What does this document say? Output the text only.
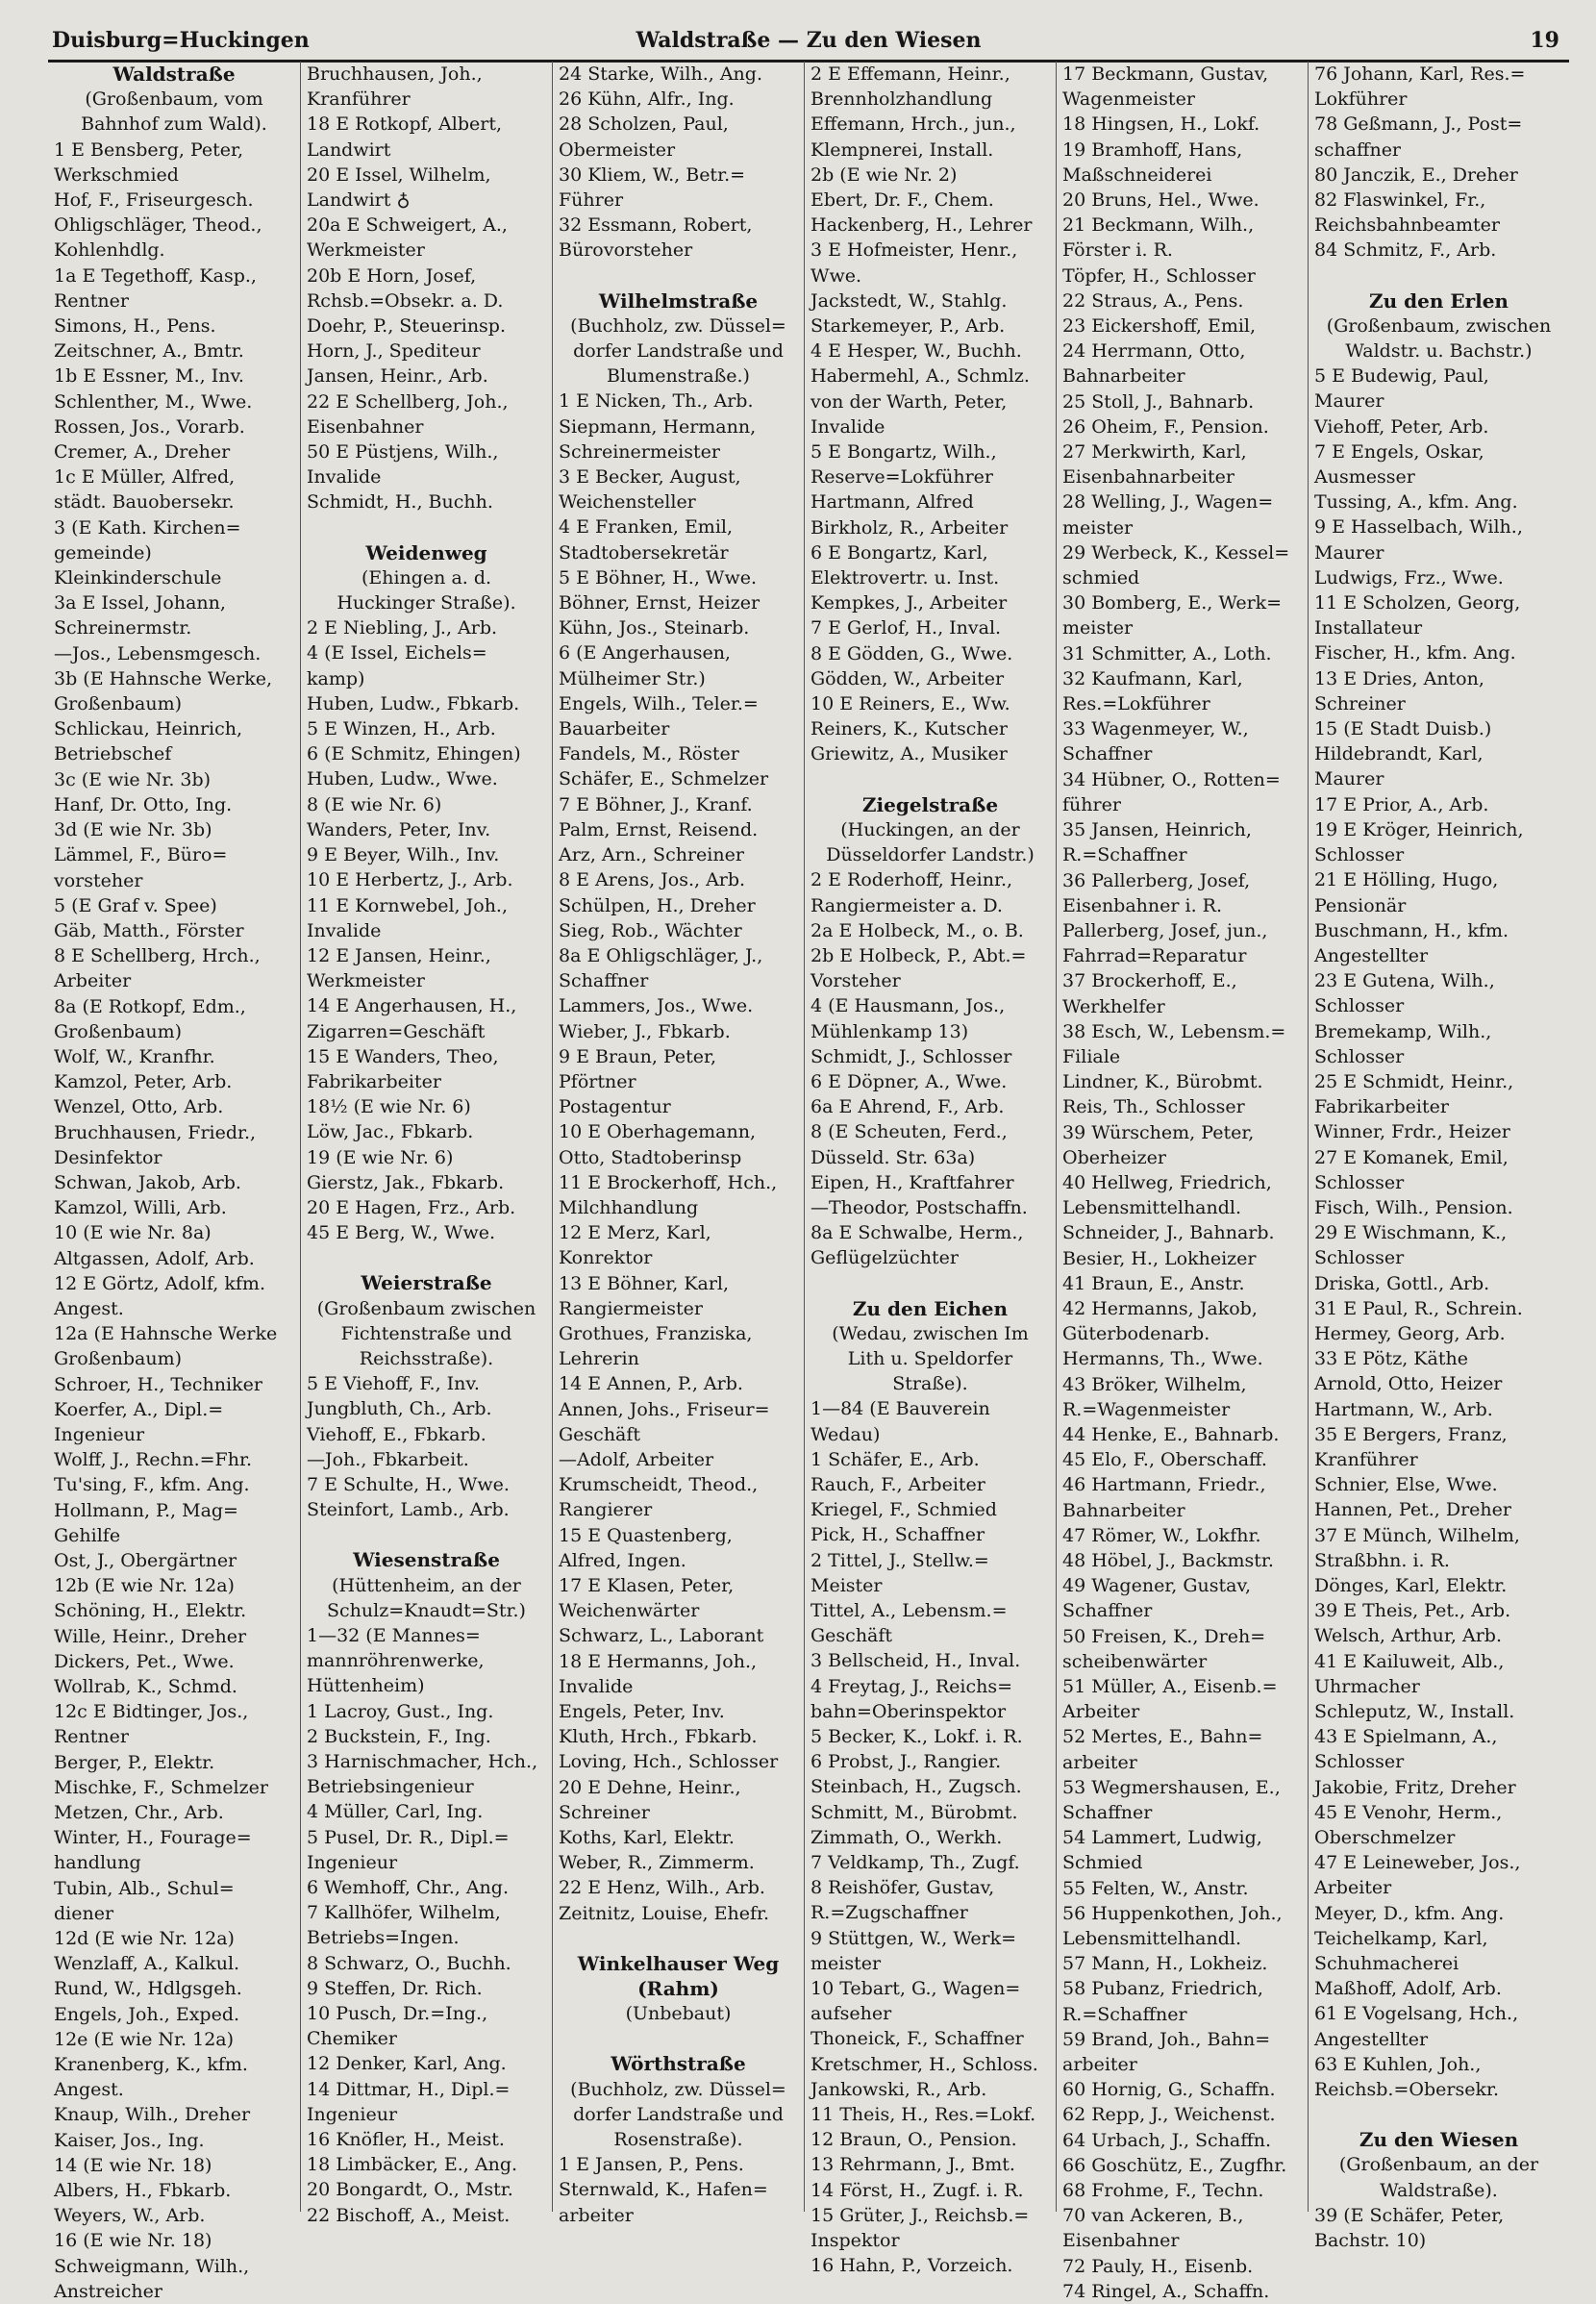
Duisburg=Huckingen	Waldstraße — Zu den Wiesen	19
Waldstraße
(Großenbaum, vom
Bahnhof zum Wald).
1 E Bensberg, Peter,
Werkschmied
Hof, F., Friseurgesch.
Ohligschläger, Theod.,
Kohlenhdlg.
1a E Tegethoff, Kasp.,
Rentner
Simons, H., Pens.
Zeitschner, A., Bmtr.
1b E Essner, M., Inv.
Schlenther, M., Wwe.
Rossen, Jos., Vorarb.
Cremer, A., Dreher
1c E Müller, Alfred,
städt. Bauobersekr.
3 (E Kath. Kirchen=
gemeinde)
Kleinkinderschule
3a E Issel, Johann,
Schreinermstr.
—Jos., Lebensmgesch.
3b (E Hahnsche Werke,
Großenbaum)
Schlickau, Heinrich,
Betriebschef
3c (E wie Nr. 3b)
Hanf, Dr. Otto, Ing.
3d (E wie Nr. 3b)
Lämmel, F., Büro=
vorsteher
5 (E Graf v. Spee)
Gäb, Matth., Förster
8 E Schellberg, Hrch.,
Arbeiter
8a (E Rotkopf, Edm.,
Großenbaum)
Wolf, W., Kranfhr.
Kamzol, Peter, Arb.
Wenzel, Otto, Arb.
Bruchhausen, Friedr.,
Desinfektor
Schwan, Jakob, Arb.
Kamzol, Willi, Arb.
10 (E wie Nr. 8a)
Altgassen, Adolf, Arb.
12 E Görtz, Adolf, kfm.
Angest.
12a (E Hahnsche Werke
Großenbaum)
Schroer, H., Techniker
Koerfer, A., Dipl.=
Ingenieur
Wolff, J., Rechn.=Fhr.
Tu'sing, F., kfm. Ang.
Hollmann, P., Mag=
Gehilfe
Ost, J., Obergärtner
12b (E wie Nr. 12a)
Schöning, H., Elektr.
Wille, Heinr., Dreher
Dickers, Pet., Wwe.
Wollrab, K., Schmd.
12c E Bidtinger, Jos.,
Rentner
Berger, P., Elektr.
Mischke, F., Schmelzer
Metzen, Chr., Arb.
Winter, H., Fourage=
handlung
Tubin, Alb., Schul=
diener
12d (E wie Nr. 12a)
Wenzlaff, A., Kalkul.
Rund, W., Hdlgsgeh.
Engels, Joh., Exped.
12e (E wie Nr. 12a)
Kranenberg, K., kfm.
Angest.
Knaup, Wilh., Dreher
Kaiser, Jos., Ing.
14 (E wie Nr. 18)
Albers, H., Fbkarb.
Weyers, W., Arb.
16 (E wie Nr. 18)
Schweigmann, Wilh.,
Anstreicher
Bruchhausen, Joh.,
Kranführer
18 E Rotkopf, Albert,
Landwirt
20 E Issel, Wilhelm,
Landwirt ♁
20a E Schweigert, A.,
Werkmeister
20b E Horn, Josef,
Rchsb.=Obsekr. a. D.
Doehr, P., Steuerinsp.
Horn, J., Spediteur
Jansen, Heinr., Arb.
22 E Schellberg, Joh.,
Eisenbahner
50 E Püstjens, Wilh.,
Invalide
Schmidt, H., Buchh.
Weidenweg
(Ehingen a. d.
Huckinger Straße).
2 E Niebling, J., Arb.
4 (E Issel, Eichels=
kamp)
Huben, Ludw., Fbkarb.
5 E Winzen, H., Arb.
6 (E Schmitz, Ehingen)
Huben, Ludw., Wwe.
8 (E wie Nr. 6)
Wanders, Peter, Inv.
9 E Beyer, Wilh., Inv.
10 E Herbertz, J., Arb.
11 E Kornwebel, Joh.,
Invalide
12 E Jansen, Heinr.,
Werkmeister
14 E Angerhausen, H.,
Zigarren=Geschäft
15 E Wanders, Theo,
Fabrikarbeiter
18½ (E wie Nr. 6)
Löw, Jac., Fbkarb.
19 (E wie Nr. 6)
Gierstz, Jak., Fbkarb.
20 E Hagen, Frz., Arb.
45 E Berg, W., Wwe.
Weierstraße
(Großenbaum zwischen
Fichtenstraße und
Reichsstraße).
5 E Viehoff, F., Inv.
Jungbluth, Ch., Arb.
Viehoff, E., Fbkarb.
—Joh., Fbkarbeit.
7 E Schulte, H., Wwe.
Steinfort, Lamb., Arb.
Wiesenstraße
(Hüttenheim, an der
Schulz=Knaudt=Str.)
1—32 (E Mannes=
mannröhrenwerke,
Hüttenheim)
1 Lacroy, Gust., Ing.
2 Buckstein, F., Ing.
3 Harnischmacher, Hch.,
Betriebsingenieur
4 Müller, Carl, Ing.
5 Pusel, Dr. R., Dipl.=
Ingenieur
6 Wemhoff, Chr., Ang.
7 Kallhöfer, Wilhelm,
Betriebs=Ingen.
8 Schwarz, O., Buchh.
9 Steffen, Dr. Rich.
10 Pusch, Dr.=Ing.,
Chemiker
12 Denker, Karl, Ang.
14 Dittmar, H., Dipl.=
Ingenieur
16 Knöfler, H., Meist.
18 Limbäcker, E., Ang.
20 Bongardt, O., Mstr.
22 Bischoff, A., Meist.
24 Starke, Wilh., Ang.
26 Kühn, Alfr., Ing.
28 Scholzen, Paul,
Obermeister
30 Kliem, W., Betr.=
Führer
32 Essmann, Robert,
Bürovorsteher
Wilhelmstraße
(Buchholz, zw. Düssel=
dorfer Landstraße und
Blumenstraße.)
1 E Nicken, Th., Arb.
Siepmann, Hermann,
Schreinermeister
3 E Becker, August,
Weichensteller
4 E Franken, Emil,
Stadtobersekretär
5 E Böhner, H., Wwe.
Böhner, Ernst, Heizer
Kühn, Jos., Steinarb.
6 (E Angerhausen,
Mülheimer Str.)
Engels, Wilh., Teler.=
Bauarbeiter
Fandels, M., Röster
Schäfer, E., Schmelzer
7 E Böhner, J., Kranf.
Palm, Ernst, Reisend.
Arz, Arn., Schreiner
8 E Arens, Jos., Arb.
Schülpen, H., Dreher
Sieg, Rob., Wächter
8a E Ohligschläger, J.,
Schaffner
Lammers, Jos., Wwe.
Wieber, J., Fbkarb.
9 E Braun, Peter,
Pförtner
Postagentur
10 E Oberhagemann,
Otto, Stadtoberinsp
11 E Brockerhoff, Hch.,
Milchhandlung
12 E Merz, Karl,
Konrektor
13 E Böhner, Karl,
Rangiermeister
Grothues, Franziska,
Lehrerin
14 E Annen, P., Arb.
Annen, Johs., Friseur=
Geschäft
—Adolf, Arbeiter
Krumscheidt, Theod.,
Rangierer
15 E Quastenberg,
Alfred, Ingen.
17 E Klasen, Peter,
Weichenwärter
Schwarz, L., Laborant
18 E Hermanns, Joh.,
Invalide
Engels, Peter, Inv.
Kluth, Hrch., Fbkarb.
Loving, Hch., Schlosser
20 E Dehne, Heinr.,
Schreiner
Koths, Karl, Elektr.
Weber, R., Zimmerm.
22 E Henz, Wilh., Arb.
Zeitnitz, Louise, Ehefr.
Winkelhauser Weg
(Rahm)
(Unbebaut)
Wörthstraße
(Buchholz, zw. Düssel=
dorfer Landstraße und
Rosenstraße).
1 E Jansen, P., Pens.
Sternwald, K., Hafen=
arbeiter
2 E Effemann, Heinr.,
Brennholzhandlung
Effemann, Hrch., jun.,
Klempnerei, Install.
2b (E wie Nr. 2)
Ebert, Dr. F., Chem.
Hackenberg, H., Lehrer
3 E Hofmeister, Henr.,
Wwe.
Jackstedt, W., Stahlg.
Starkemeyer, P., Arb.
4 E Hesper, W., Buchh.
Habermehl, A., Schmlz.
von der Warth, Peter,
Invalide
5 E Bongartz, Wilh.,
Reserve=Lokführer
Hartmann, Alfred
Birkholz, R., Arbeiter
6 E Bongartz, Karl,
Elektrovertr. u. Inst.
Kempkes, J., Arbeiter
7 E Gerlof, H., Inval.
8 E Gödden, G., Wwe.
Gödden, W., Arbeiter
10 E Reiners, E., Ww.
Reiners, K., Kutscher
Griewitz, A., Musiker
Ziegelstraße
(Huckingen, an der
Düsseldorfer Landstr.)
2 E Roderhoff, Heinr.,
Rangiermeister a. D.
2a E Holbeck, M., o. B.
2b E Holbeck, P., Abt.=
Vorsteher
4 (E Hausmann, Jos.,
Mühlenkamp 13)
Schmidt, J., Schlosser
6 E Döpner, A., Wwe.
6a E Ahrend, F., Arb.
8 (E Scheuten, Ferd.,
Düsseld. Str. 63a)
Eipen, H., Kraftfahrer
—Theodor, Postschaffn.
8a E Schwalbe, Herm.,
Geflügelzüchter
Zu den Eichen
(Wedau, zwischen Im
Lith u. Speldorfer
Straße).
1—84 (E Bauverein
Wedau)
1 Schäfer, E., Arb.
Rauch, F., Arbeiter
Kriegel, F., Schmied
Pick, H., Schaffner
2 Tittel, J., Stellw.=
Meister
Tittel, A., Lebensm.=
Geschäft
3 Bellscheid, H., Inval.
4 Freytag, J., Reichs=
bahn=Oberinspektor
5 Becker, K., Lokf. i. R.
6 Probst, J., Rangier.
Steinbach, H., Zugsch.
Schmitt, M., Bürobmt.
Zimmath, O., Werkh.
7 Veldkamp, Th., Zugf.
8 Reishöfer, Gustav,
R.=Zugschaffner
9 Stüttgen, W., Werk=
meister
10 Tebart, G., Wagen=
aufseher
Thoneick, F., Schaffner
Kretschmer, H., Schloss.
Jankowski, R., Arb.
11 Theis, H., Res.=Lokf.
12 Braun, O., Pension.
13 Rehrmann, J., Bmt.
14 Först, H., Zugf. i. R.
15 Grüter, J., Reichsb.=
Inspektor
16 Hahn, P., Vorzeich.
17 Beckmann, Gustav,
Wagenmeister
18 Hingsen, H., Lokf.
19 Bramhoff, Hans,
Maßschneiderei
20 Bruns, Hel., Wwe.
21 Beckmann, Wilh.,
Förster i. R.
Töpfer, H., Schlosser
22 Straus, A., Pens.
23 Eickershoff, Emil,
24 Herrmann, Otto,
Bahnarbeiter
25 Stoll, J., Bahnarb.
26 Oheim, F., Pension.
27 Merkwirth, Karl,
Eisenbahnarbeiter
28 Welling, J., Wagen=
meister
29 Werbeck, K., Kessel=
schmied
30 Bomberg, E., Werk=
meister
31 Schmitter, A., Loth.
32 Kaufmann, Karl,
Res.=Lokführer
33 Wagenmeyer, W.,
Schaffner
34 Hübner, O., Rotten=
führer
35 Jansen, Heinrich,
R.=Schaffner
36 Pallerberg, Josef,
Eisenbahner i. R.
Pallerberg, Josef, jun.,
Fahrrad=Reparatur
37 Brockerhoff, E.,
Werkhelfer
38 Esch, W., Lebensm.=
Filiale
Lindner, K., Bürobmt.
Reis, Th., Schlosser
39 Würschem, Peter,
Oberheizer
40 Hellweg, Friedrich,
Lebensmittelhandl.
Schneider, J., Bahnarb.
Besier, H., Lokheizer
41 Braun, E., Anstr.
42 Hermanns, Jakob,
Güterbodenarb.
Hermanns, Th., Wwe.
43 Bröker, Wilhelm,
R.=Wagenmeister
44 Henke, E., Bahnarb.
45 Elo, F., Oberschaff.
46 Hartmann, Friedr.,
Bahnarbeiter
47 Römer, W., Lokfhr.
48 Höbel, J., Backmstr.
49 Wagener, Gustav,
Schaffner
50 Freisen, K., Dreh=
scheibenwärter
51 Müller, A., Eisenb.=
Arbeiter
52 Mertes, E., Bahn=
arbeiter
53 Wegmershausen, E.,
Schaffner
54 Lammert, Ludwig,
Schmied
55 Felten, W., Anstr.
56 Huppenkothen, Joh.,
Lebensmittelhandl.
57 Mann, H., Lokheiz.
58 Pubanz, Friedrich,
R.=Schaffner
59 Brand, Joh., Bahn=
arbeiter
60 Hornig, G., Schaffn.
62 Repp, J., Weichenst.
64 Urbach, J., Schaffn.
66 Goschütz, E., Zugfhr.
68 Frohme, F., Techn.
70 van Ackeren, B.,
Eisenbahner
72 Pauly, H., Eisenb.
74 Ringel, A., Schaffn.
76 Johann, Karl, Res.=
Lokführer
78 Geßmann, J., Post=
schaffner
80 Janczik, E., Dreher
82 Flaswinkel, Fr.,
Reichsbahnbeamter
84 Schmitz, F., Arb.
Zu den Erlen
(Großenbaum, zwischen
Waldstr. u. Bachstr.)
5 E Budewig, Paul,
Maurer
Viehoff, Peter, Arb.
7 E Engels, Oskar,
Ausmesser
Tussing, A., kfm. Ang.
9 E Hasselbach, Wilh.,
Maurer
Ludwigs, Frz., Wwe.
11 E Scholzen, Georg,
Installateur
Fischer, H., kfm. Ang.
13 E Dries, Anton,
Schreiner
15 (E Stadt Duisb.)
Hildebrandt, Karl,
Maurer
17 E Prior, A., Arb.
19 E Kröger, Heinrich,
Schlosser
21 E Hölling, Hugo,
Pensionär
Buschmann, H., kfm.
Angestellter
23 E Gutena, Wilh.,
Schlosser
Bremekamp, Wilh.,
Schlosser
25 E Schmidt, Heinr.,
Fabrikarbeiter
Winner, Frdr., Heizer
27 E Komanek, Emil,
Schlosser
Fisch, Wilh., Pension.
29 E Wischmann, K.,
Schlosser
Driska, Gottl., Arb.
31 E Paul, R., Schrein.
Hermey, Georg, Arb.
33 E Pötz, Käthe
Arnold, Otto, Heizer
Hartmann, W., Arb.
35 E Bergers, Franz,
Kranführer
Schnier, Else, Wwe.
Hannen, Pet., Dreher
37 E Münch, Wilhelm,
Straßbhn. i. R.
Dönges, Karl, Elektr.
39 E Theis, Pet., Arb.
Welsch, Arthur, Arb.
41 E Kailuweit, Alb.,
Uhrmacher
Schleputz, W., Install.
43 E Spielmann, A.,
Schlosser
Jakobie, Fritz, Dreher
45 E Venohr, Herm.,
Oberschmelzer
47 E Leineweber, Jos.,
Arbeiter
Meyer, D., kfm. Ang.
Teichelkamp, Karl,
Schuhmacherei
Maßhoff, Adolf, Arb.
61 E Vogelsang, Hch.,
Angestellter
63 E Kuhlen, Joh.,
Reichsb.=Obersekr.
Zu den Wiesen
(Großenbaum, an der
Waldstraße).
39 (E Schäfer, Peter,
Bachstr. 10)
